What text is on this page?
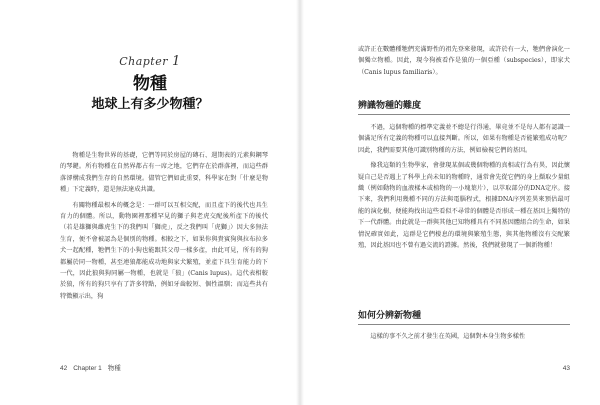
Chapter 1
物種
地球上有多少物種？

物種是生物世界的基礎，它們等同於房屋的磚石、週期表的元素與鋼琴的琴鍵。所有物種在自然界都占有一席之地，它們存在於群落裡，而這些群落卻構成我們生存的自然環境。儘管它們如此重要，科學家在對「什麼是物種」下定義時，還是無法達成共識。

有關物種最根本的概念是：一群可以互相交配，而且產下的後代也具生育力的個體。所以，動物園裡那種罕見的獅子與老虎交配後所產下的後代（若是雄獅與雌虎生下的我們叫「獅虎」，反之我們叫「虎獅」）因大多無法生育，便不會被認為是個別的物種。相較之下，如果你與貴賓狗與拉布拉多犬一起配種，牠們生下的小狗也能跟其父母一樣多產，由此可見，所有的狗都屬於同一物種，甚至連狼都能成功地與家犬繁殖，並產下具生育能力的下一代，因此狼與狗同屬一物種，也就是「狼」(Canis lupus)。這代表相較於狼，所有的狗只享有了許多特點，例如牙齒較短、個性溫馴；而這些共有特徵顯示出，狗

42 Chapter 1 物種

或許正在數體種牠們充滿野性的祖先登來發現，或許於有一大，牠們會演化一個獨立物種。因此，現今狗被看作是狼的一個亞種（subspecies），即家犬（Canis lupus familiaris）。

辨識物種的難度

不過，這個物種的標準定義並不總是行得通，畢竟並不是每人都有認識一個滿足所有定義的物種可以直接判斷。所以，如果有物種是否能繁殖成功呢？因此，我們需要其他可識別物種的方法，例如檢視它們的基因。

像我這類的生物學家，會發現某個或幾個物種的真相或行為有異，因此懷疑自己是否遇上了科學上尚未知的物種時，通常會先從它們的身上擷取少量組織（例如動物的血液樣本或植物的一小塊葉片），以萃取部分的DNA定序。接下來，我們利用幾種不同的方法與電腦程式，根據DNA序列差異來預估最可能的演化樹，便能夠找出這些看似不尋常的個體是否形成一種在基因上獨特的下一代群體。由此就是一群與其他已知物種具有不同基因體組合的生命，如果情況確實如此，這群是它們棲息的環境與繁殖生態，與其他物種沒有交配繁殖，因此基因也不曾有過交流的證據。然後，我們就發現了一個新物種！

如何分辨新物種

這樣的事不久之前才發生在英國，這個對本身生物多樣性

43
